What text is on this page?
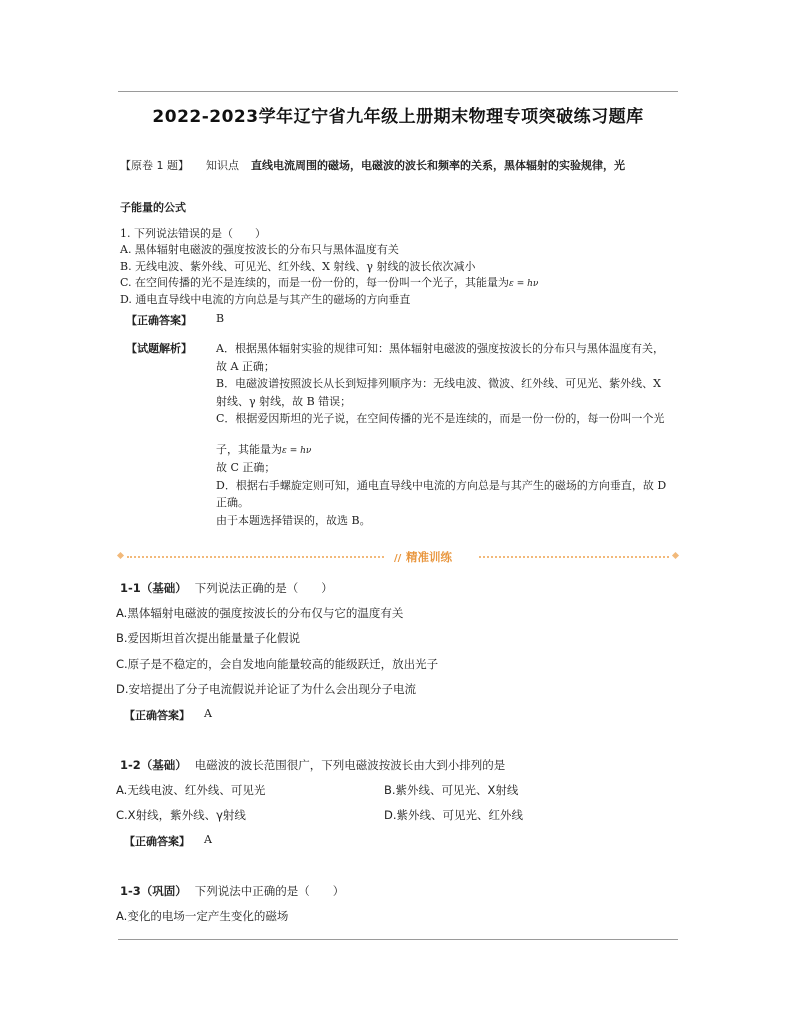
2022-2023学年辽宁省九年级上册期末物理专项突破练习题库
【原卷 1 题】 知识点 直线电流周围的磁场，电磁波的波长和频率的关系，黑体辐射的实验规律，光
子能量的公式
1. 下列说法错误的是（　　）
A. 黑体辐射电磁波的强度按波长的分布只与黑体温度有关
B. 无线电波、紫外线、可见光、红外线、X 射线、γ 射线的波长依次减小
C. 在空间传播的光不是连续的，而是一份一份的，每一份叫一个光子，其能量为ε = hν
D. 通电直导线中电流的方向总是与其产生的磁场的方向垂直
【正确答案】 B
【试题解析】 A．根据黑体辐射实验的规律可知：黑体辐射电磁波的强度按波长的分布只与黑体温度有关，
故 A 正确；
B．电磁波谱按照波长从长到短排列顺序为：无线电波、微波、红外线、可见光、紫外线、X
射线、γ 射线，故 B 错误；
C．根据爱因斯坦的光子说，在空间传播的光不是连续的，而是一份一份的，每一份叫一个光
子，其能量为ε = hν
故 C 正确；
D．根据右手螺旋定则可知，通电直导线中电流的方向总是与其产生的磁场的方向垂直，故 D
正确。
由于本题选择错误的，故选 B。
// 精准训练
1-1（基础） 下列说法正确的是（　　）
A.黑体辐射电磁波的强度按波长的分布仅与它的温度有关
B.爱因斯坦首次提出能量量子化假说
C.原子是不稳定的，会自发地向能量较高的能级跃迁，放出光子
D.安培提出了分子电流假说并论证了为什么会出现分子电流
【正确答案】 A
1-2（基础） 电磁波的波长范围很广，下列电磁波按波长由大到小排列的是
A.无线电波、红外线、可见光	B.紫外线、可见光、X射线
C.X射线，紫外线、γ射线	D.紫外线、可见光、红外线
【正确答案】 A
1-3（巩固） 下列说法中正确的是（　　）
A.变化的电场一定产生变化的磁场
